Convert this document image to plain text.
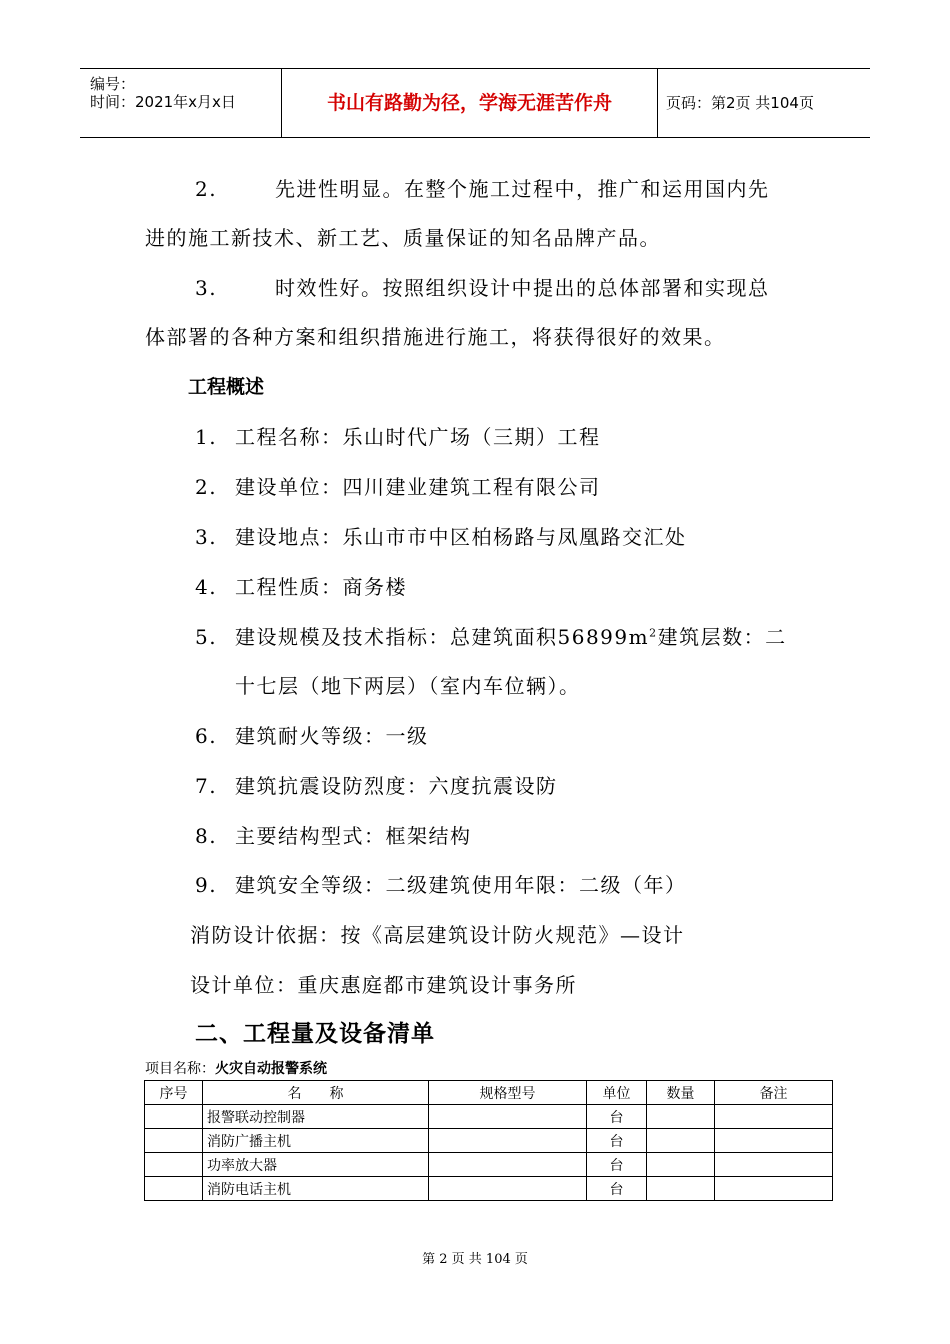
编号：
时间：2021年x月x日	书山有路勤为径，学海无涯苦作舟	页码：第2页 共104页
2.	先进性明显。在整个施工过程中，推广和运用国内先
进的施工新技术、新工艺、质量保证的知名品牌产品。
3.	时效性好。按照组织设计中提出的总体部署和实现总
体部署的各种方案和组织措施进行施工，将获得很好的效果。
工程概述
1. 工程名称：乐山时代广场（三期）工程
2. 建设单位：四川建业建筑工程有限公司
3. 建设地点：乐山市市中区柏杨路与凤凰路交汇处
4. 工程性质：商务楼
5. 建设规模及技术指标：总建筑面积$56899m^2$建筑层数：二
十七层（地下两层）（室内车位辆）。
6. 建筑耐火等级：一级
7. 建筑抗震设防烈度：六度抗震设防
8. 主要结构型式：框架结构
9. 建筑安全等级：二级建筑使用年限：二级（年）
消防设计依据：按《高层建筑设计防火规范》—设计
设计单位：重庆惠庭都市建筑设计事务所
二、工程量及设备清单
项目名称：火灾自动报警系统
序号	名　　称	规格型号	单位	数量	备注
	报警联动控制器		台		
	消防广播主机		台		
	功率放大器		台		
	消防电话主机		台		
第 2 页 共 104 页
